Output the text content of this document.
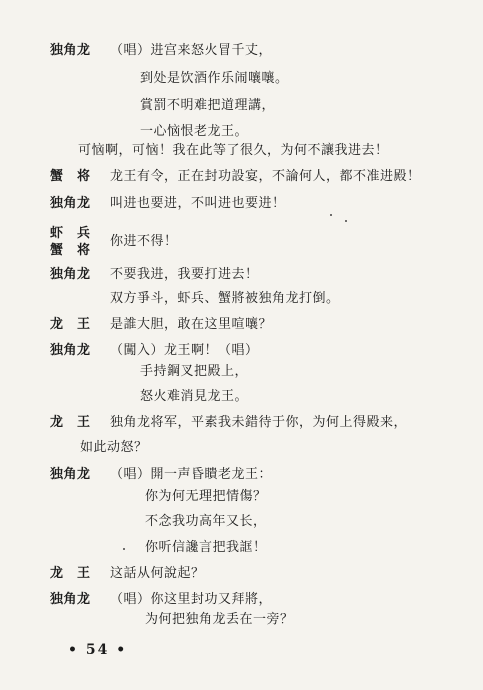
独角龙 （唱）进宫来怒火冒千丈，
到处是饮酒作乐闹嚷嚷。
賞罰不明难把道理講，
一心恼恨老龙王。
可恼啊，可恼！我在此等了很久，为何不讓我进去！
蟹　将 龙王有令，正在封功設宴，不論何人，都不准进殿！
独角龙 叫进也要进，不叫进也要进！
虾　兵
蟹　将
你进不得！
独角龙 不要我进，我要打进去！
双方爭斗，虾兵、蟹將被独角龙打倒。
龙　王 是誰大胆，敢在这里喧嚷？
独角龙 （闖入）龙王啊！（唱）
手持鋼叉把殿上，
怒火难消見龙王。
龙　王 独角龙将军，平素我未錯待于你，为何上得殿来，
如此动怒？
独角龙 （唱）開一声昏瞶老龙王：
你为何无理把情傷？
不念我功高年又长，
你听信讒言把我誆！
龙　王 这話从何說起？
独角龙 （唱）你这里封功又拜將，
为何把独角龙丢在一旁？
• 54 •
